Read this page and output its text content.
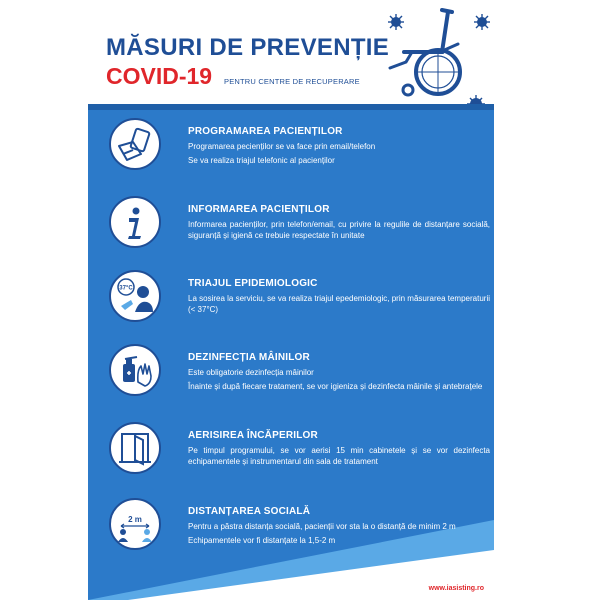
MĂSURI DE PREVENȚIE
COVID-19 PENTRU CENTRE DE RECUPERARE
www.iasisting.ro
PROGRAMAREA PACIENȚILOR
Programarea pecienților se va face prin email/telefon
Se va realiza triajul telefonic al pacienților
INFORMAREA PACIENȚILOR
Informarea pacienților, prin telefon/email, cu privire la regulile de distanțare socială, siguranță și igienă ce trebuie respectate în unitate
37°C	TRIAJUL EPIDEMIOLOGIC
La sosirea la serviciu, se va realiza triajul epedemiologic, prin măsurarea temperaturii (< 37°C)
DEZINFECȚIA MÂINILOR
Este obligatorie dezinfecția mâinilor
Înainte și după fiecare tratament, se vor igieniza și dezinfecta mâinile și antebrațele
AERISIREA ÎNCĂPERILOR
Pe timpul programului, se vor aerisi 15 min cabinetele și se vor dezinfecta echipamentele și instrumentarul din sala de tratament
2 m
DISTANȚAREA SOCIALĂ
Pentru a păstra distanța socială, pacienții vor sta la o distanță de minim 2 m
Echipamentele vor fi distanțate la 1,5-2 m
